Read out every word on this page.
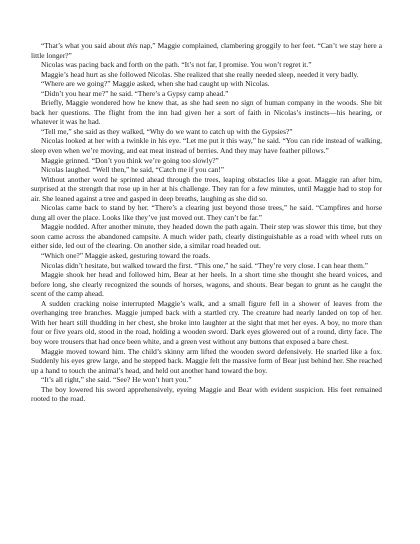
“That’s what you said about this nap,” Maggie complained, clambering groggily to her feet. “Can’t we stay here a little longer?”

Nicolas was pacing back and forth on the path. “It’s not far, I promise. You won’t regret it.”

Maggie’s head hurt as she followed Nicolas. She realized that she really needed sleep, needed it very badly.

“Where are we going?” Maggie asked, when she had caught up with Nicolas.

“Didn’t you hear me?” he said. “There’s a Gypsy camp ahead.”

Briefly, Maggie wondered how he knew that, as she had seen no sign of human company in the woods. She bit back her questions. The flight from the inn had given her a sort of faith in Nicolas’s instincts—his hearing, or whatever it was he had.

“Tell me,” she said as they walked, “Why do we want to catch up with the Gypsies?”

Nicolas looked at her with a twinkle in his eye. “Let me put it this way,” he said. “You can ride instead of walking, sleep even when we’re moving, and eat meat instead of berries. And they may have feather pillows.”

Maggie grinned. “Don’t you think we’re going too slowly?”

Nicolas laughed. “Well then,” he said, “Catch me if you can!”

Without another word he sprinted ahead through the trees, leaping obstacles like a goat. Maggie ran after him, surprised at the strength that rose up in her at his challenge. They ran for a few minutes, until Maggie had to stop for air. She leaned against a tree and gasped in deep breaths, laughing as she did so.

Nicolas came back to stand by her. “There’s a clearing just beyond those trees,” he said. “Campfires and horse dung all over the place. Looks like they’ve just moved out. They can’t be far.”

Maggie nodded. After another minute, they headed down the path again. Their step was slower this time, but they soon came across the abandoned campsite. A much wider path, clearly distinguishable as a road with wheel ruts on either side, led out of the clearing. On another side, a similar road headed out.

“Which one?” Maggie asked, gesturing toward the roads.

Nicolas didn’t hesitate, but walked toward the first. “This one,” he said. “They’re very close. I can hear them.”

Maggie shook her head and followed him, Bear at her heels. In a short time she thought she heard voices, and before long, she clearly recognized the sounds of horses, wagons, and shouts. Bear began to grunt as he caught the scent of the camp ahead.

A sudden cracking noise interrupted Maggie’s walk, and a small figure fell in a shower of leaves from the overhanging tree branches. Maggie jumped back with a startled cry. The creature had nearly landed on top of her. With her heart still thudding in her chest, she broke into laughter at the sight that met her eyes. A boy, no more than four or five years old, stood in the road, holding a wooden sword. Dark eyes glowered out of a round, dirty face. The boy wore trousers that had once been white, and a green vest without any buttons that exposed a bare chest.

Maggie moved toward him. The child’s skinny arm lifted the wooden sword defensively. He snarled like a fox. Suddenly his eyes grew large, and he stepped back. Maggie felt the massive form of Bear just behind her. She reached up a hand to touch the animal’s head, and held out another hand toward the boy.

“It’s all right,” she said. “See? He won’t hurt you.”

The boy lowered his sword apprehensively, eyeing Maggie and Bear with evident suspicion. His feet remained rooted to the road.
